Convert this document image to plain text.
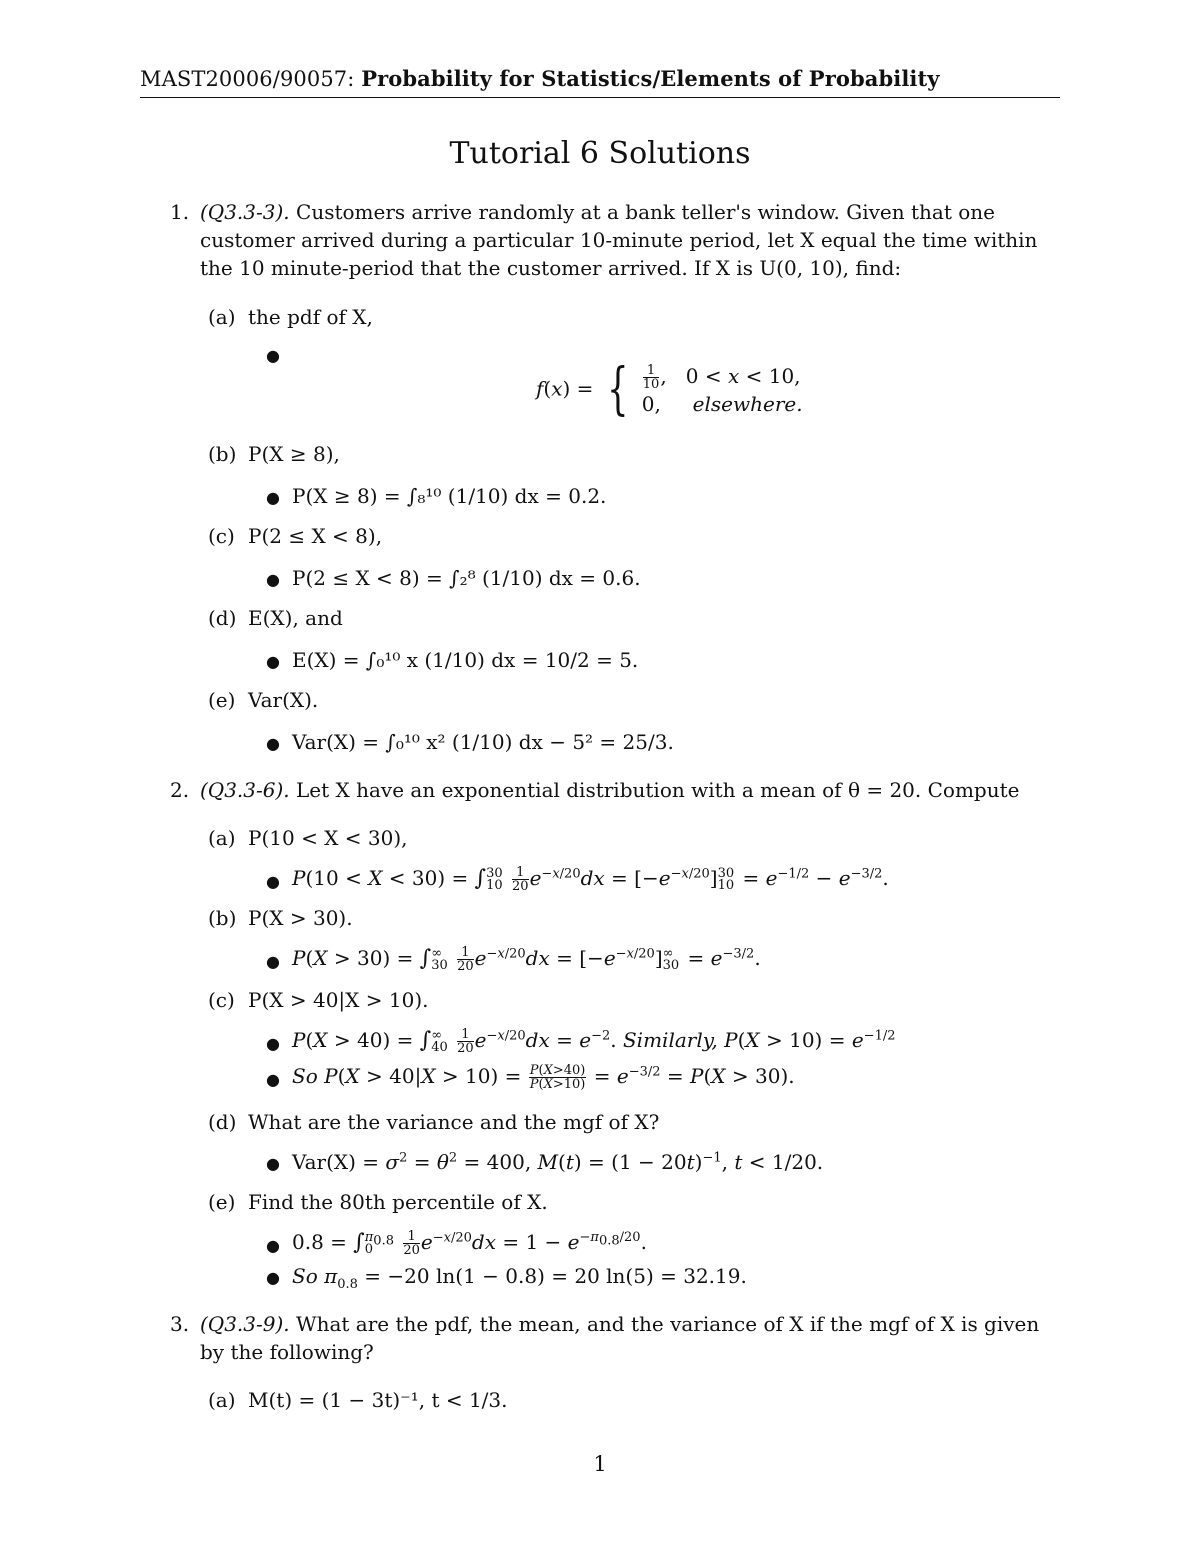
MAST20006/90057: Probability for Statistics/Elements of Probability
Tutorial 6 Solutions
1. (Q3.3-3). Customers arrive randomly at a bank teller's window. Given that one
customer arrived during a particular 10-minute period, let X equal the time within
the 10 minute-period that the customer arrived. If X is U(0, 10), find:
(a) the pdf of X,
●
f(x) = { $\frac{1}{10}$ ,   0 < x < 10,
0,     elsewhere.
(b) P(X ≥ 8),
● P(X ≥ 8) = ∫₈¹⁰ (1/10) dx = 0.2.
(c) P(2 ≤ X < 8),
● P(2 ≤ X < 8) = ∫₂⁸ (1/10) dx = 0.6.
(d) E(X), and
● E(X) = ∫₀¹⁰ x (1/10) dx = 10/2 = 5.
(e) Var(X).
● Var(X) = ∫₀¹⁰ x² (1/10) dx − 5² = 25/3.
2. (Q3.3-6). Let X have an exponential distribution with a mean of θ = 20. Compute
(a) P(10 < X < 30),
● P(10 < X < 30) = ∫ 30
10
$\frac{1}{20} e^{-x/20}dx = [-e^{-x/20}]$ 30
$10 = e^{-1/2} - e^{-3/2}$.
(b) P(X > 30).
● P(X > 30) = ∫ ∞
30
$\frac{1}{20} e^{-x/20}dx = [-e^{-x/20}]$ ∞
$30 = e^{-3/2}$.
(c) P(X > 40|X > 10).
● P(X > 40) = ∫ ∞
40
$\frac{1}{20} e^{-x/20}dx = e^{-2}$. Similarly, $P(X > 10) = e^{-1/2}$
● So $P(X > 40|X > 10) = \frac{P(X>40)}{P(X>10)} = e^{-3/2} = P(X > 30)$.
(d) What are the variance and the mgf of X?
● $Var(X) = \sigma^2 = \theta^2 = 400$, $M(t) = (1 - 20t)^{-1}$, t < 1/20.
(e) Find the 80th percentile of X.
● 0.8 = ∫ $\pi_{0.8}$
0
	$\frac{1}{20} e^{-x/20}dx = 1 - e^{-\pi_{0.8}/20}$.
● So $\pi_{0.8} = -20$ ln(1 − 0.8) = 20 ln(5) = 32.19.
3. (Q3.3-9). What are the pdf, the mean, and the variance of X if the mgf of X is given
by the following?
(a) M(t) = (1 − 3t)⁻¹, t < 1/3.
1
